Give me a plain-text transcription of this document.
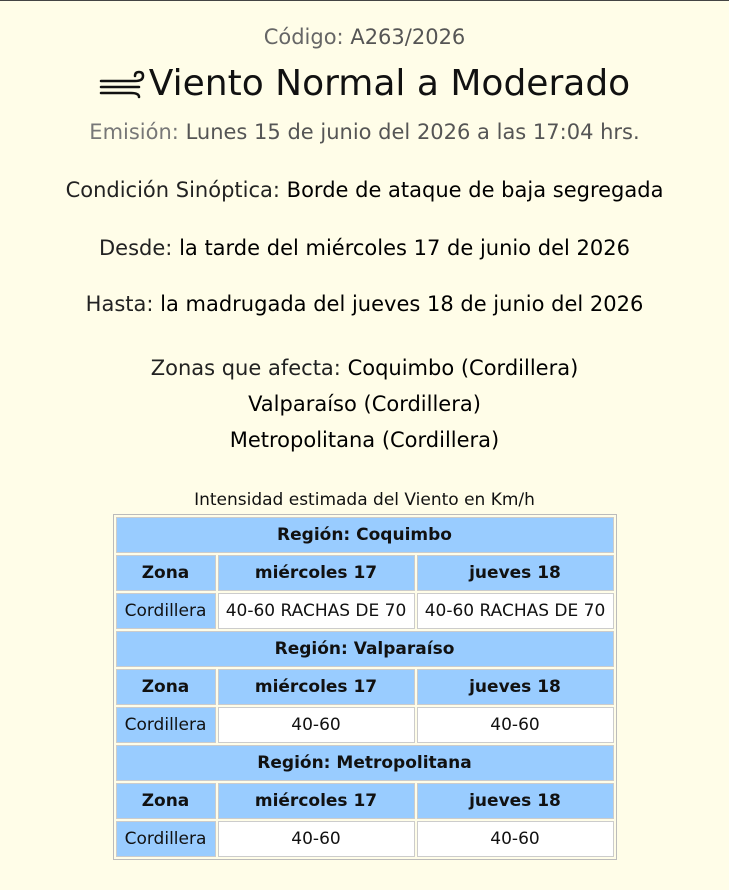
Código: A263/2026
Viento Normal a Moderado
Emisión: Lunes 15 de junio del 2026 a las 17:04 hrs.
Condición Sinóptica: Borde de ataque de baja segregada
Desde: la tarde del miércoles 17 de junio del 2026
Hasta: la madrugada del jueves 18 de junio del 2026
Zonas que afecta: Coquimbo (Cordillera)
Valparaíso (Cordillera)
Metropolitana (Cordillera)
Intensidad estimada del Viento en Km/h
Región: Coquimbo		
Zona	miércoles 17	jueves 18
Cordillera	40-60 RACHAS DE 70	40-60 RACHAS DE 70
Región: Valparaíso		
Zona	miércoles 17	jueves 18
Cordillera	40-60	40-60
Región: Metropolitana		
Zona	miércoles 17	jueves 18
Cordillera	40-60	40-60
